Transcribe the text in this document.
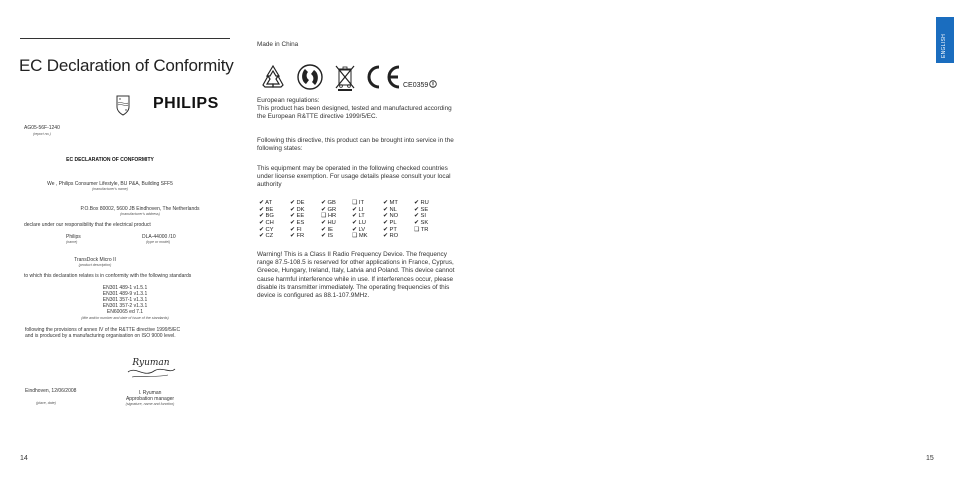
EC Declaration of Conformity
PHILIPS
AG05-56F-1240
(report no.)
EC DECLARATION OF CONFORMITY
We , Philips Consumer Lifestyle, BU P&A, Building SFF5
(manufacturer's name)
P.O.Box 80002, 5600 JB Eindhoven, The Netherlands
(manufacturer's address)
declare under our responsibility that the electrical product
Philips
(name)
DLA-44000 /10
(type or model)
TransDock Micro II
(product description)
to which this declaration relates is in conformity with the following standards
EN301 489-1 v1.5.1
EN301 489-9 v1.3.1
EN301 357-1 v1.3.1
EN301 357-2 v1.3.1
EN60065 ed 7.1
(title and/or number and date of issue of the standards)
following the provisions of annex IV of the R&TTE directive 1999/5/EC
and is produced by a manufacturing organisation on ISO 9000 level.
Ryuman
Eindhoven, 12/06/2008
(place, date)
I. Ryuman
Approbation manager
(signature, name and function)
14
Made in China
CE0359
European regulations:
This product has been designed, tested and manufactured according the European R&TTE directive 1999/5/EC.
Following this directive, this product can be brought into service in the following states:
This equipment may be operated in the following checked countries under license exemption. For usage details please consult your local authority
✔ AT	✔ DE	✔ GB	❑ IT	✔ MT	✔ RU
✔ BE	✔ DK	✔ GR	✔ LI	✔ NL	✔ SE
✔ BG	✔ EE	❑ HR	✔ LT	✔ NO	✔ SI
✔ CH	✔ ES	✔ HU	✔ LU	✔ PL	✔ SK
✔ CY	✔ FI	✔ IE	✔ LV	✔ PT	❑ TR
✔ CZ	✔ FR	✔ IS	❑ MK	✔ RO
Warning! This is a Class II Radio Frequency Device. The frequency range 87.5-108.5 is reserved for other applications in France, Cyprus, Greece, Hungary, Ireland, Italy, Latvia and Poland. This device cannot cause harmful interference while in use. If interferences occur, please disable its transmitter immediately. The operating frequencies of this device is configured as 88.1-107.9MHz.
15
ENGLISH
